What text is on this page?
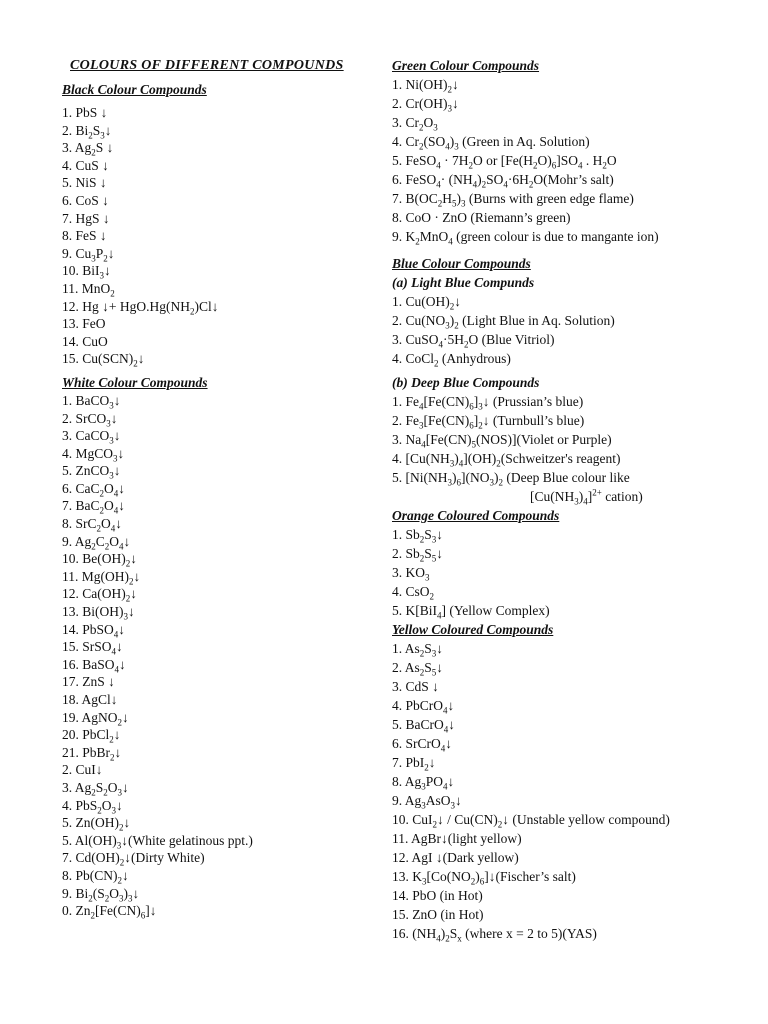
COLOURS OF DIFFERENT COMPOUNDS
Black Colour Compounds
1. PbS ↓
2. $Bi_2S_3↓$
3. $Ag_2S$ ↓
4. CuS ↓
5. NiS ↓
6. CoS ↓
7. HgS ↓
8. FeS ↓
9. $Cu_3P_2↓$
10. BiI$_3$↓
11. MnO$_2$
12. Hg ↓+ $HgO.Hg(NH_2)Cl↓$
13. FeO
14. CuO
15. $Cu(SCN)_2↓$
White Colour Compounds
1. BaCO$_3$↓
2. SrCO$_3$↓
3. CaCO$_3$↓
4. MgCO$_3$↓
5. ZnCO$_3$↓
6. $CaC_2O_4↓$
7. $BaC_2O_4↓$
8. $SrC_2O_4↓$
9. $Ag_2C_2O_4↓$
10. $Be(OH)_2↓$
11. $Mg(OH)_2↓$
12. $Ca(OH)_2↓$
13. $Bi(OH)_3↓$
14. PbSO$_4$↓
15. SrSO$_4$↓
16. BaSO$_4$↓
17. ZnS ↓
18. AgCl↓
19. AgNO$_2$↓
20. PbCl$_2$↓
21. PbBr$_2$↓
2. CuI↓
3. $Ag_2S_2O_3↓$
4. $PbS_2O_3↓$
5. $Zn(OH)_2↓$
5. $Al(OH)_3↓(White$ gelatinous ppt.)
7. $Cd(OH)_2↓(Dirty$ White)
8. $Pb(CN)_2↓$
9. $Bi_2(S_2O_3)_3↓$
0. $Zn_2[Fe(CN)_6]↓$
Green Colour Compounds
1. $Ni(OH)_2↓$
2. $Cr(OH)_3↓$
3. $Cr_2O_3$
4. $Cr_2(SO_4)_3$ (Green in Aq. Solution)
5. FeSO$_4$ · $7H_2O$ or $[Fe(H_2O)_6]SO_4$ . $H_2O$
6. FeSO$_4$· $(NH_4)_2SO_4\cdot 6H_2O(Mohr’s$ salt)
7. $B(OC_2H_5)_3$ (Burns with green edge flame)
8. CoO · ZnO (Riemann’s green)
9. $K_2MnO_4$ (green colour is due to mangante ion)
Blue Colour Compounds
(a) Light Blue Compunds
1. $Cu(OH)_2↓$
2. $Cu(NO_3)_2$ (Light Blue in Aq. Solution)
3. $CuSO_4\cdot 5H_2O$ (Blue Vitriol)
4. CoCl$_2$ (Anhydrous)
(b) Deep Blue Compounds
1. $Fe_4[Fe(CN)_6]_3↓$ (Prussian’s blue)
2. $Fe_3[Fe(CN)_6]_2↓$ (Turnbull’s blue)
3. $Na_4[Fe(CN)_5(NOS)](Violet$ or Purple)
4. $[Cu(NH_3)_4](OH)_2(Schweitzer's$ reagent)
5. $[Ni(NH_3)_6](NO_3)_2$ (Deep Blue colour like
$[Cu(NH_3)_4]^{2+}$ cation)
Orange Coloured Compounds
1. $Sb_2S_3↓$
2. $Sb_2S_5↓$
3. $KO_3$
4. CsO$_2$
5. K[BiI$_4$] (Yellow Complex)
Yellow Coloured Compounds
1. $As_2S_3↓$
2. $As_2S_5↓$
3. CdS ↓
4. PbCrO$_4$↓
5. BaCrO$_4$↓
6. SrCrO$_4$↓
7. PbI$_2$↓
8. $Ag_3PO_4↓$
9. $Ag_3AsO_3↓$
10. CuI$_2$↓ / $Cu(CN)_2↓$ (Unstable yellow compound)
11. AgBr↓(light yellow)
12. AgI ↓(Dark yellow)
13. $K_3[Co(NO_2)_6]↓(Fischer’s$ salt)
14. PbO (in Hot)
15. ZnO (in Hot)
16. $(NH_4)_2S_x$ (where x = 2 to 5)(YAS)
